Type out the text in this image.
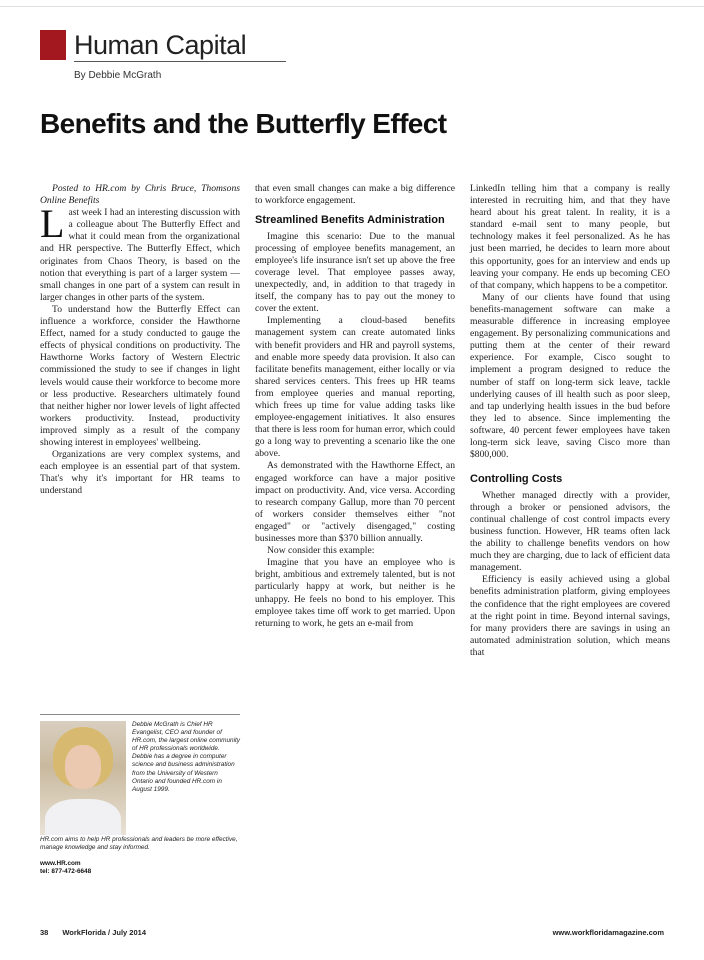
Human Capital
By Debbie McGrath
Benefits and the Butterfly Effect

Posted to HR.com by Chris Bruce, Thomsons Online Benefits

Last week I had an interesting discussion with a colleague about The Butterfly Effect and what it could mean from the organizational and HR perspective. The Butterfly Effect, which originates from Chaos Theory, is based on the notion that everything is part of a larger system — small changes in one part of a system can result in larger changes in other parts of the system.

To understand how the Butterfly Effect can influence a workforce, consider the Hawthorne Effect, named for a study conducted to gauge the effects of physical conditions on productivity. The Hawthorne Works factory of Western Electric commissioned the study to see if changes in light levels would cause their workforce to become more or less productive. Researchers ultimately found that neither higher nor lower levels of light affected workers productivity. Instead, productivity improved simply as a result of the company showing interest in employees' wellbeing.

Organizations are very complex systems, and each employee is an essential part of that system. That's why it's important for HR teams to understand

Debbie McGrath is Chief HR Evangelist, CEO and founder of HR.com, the largest online community of HR professionals worldwide. Debbie has a degree in computer science and business administration from the University of Western Ontario and founded HR.com in August 1999.
HR.com aims to help HR professionals and leaders be more effective, manage knowledge and stay informed.
www.HR.com
tel: 877-472-6648

that even small changes can make a big difference to workforce engagement.

Streamlined Benefits Administration

Imagine this scenario: Due to the manual processing of employee benefits management, an employee's life insurance isn't set up above the free coverage level. That employee passes away, unexpectedly, and, in addition to that tragedy in itself, the company has to pay out the money to cover the extent.

Implementing a cloud-based benefits management system can create automated links with benefit providers and HR and payroll systems, and enable more speedy data provision. It also can facilitate benefits management, either locally or via shared services centers. This frees up HR teams from employee queries and manual reporting, which frees up time for value adding tasks like employee-engagement initiatives. It also ensures that there is less room for human error, which could go a long way to preventing a scenario like the one above.

As demonstrated with the Hawthorne Effect, an engaged workforce can have a major positive impact on productivity. And, vice versa. According to research company Gallup, more than 70 percent of workers consider themselves either "not engaged" or "actively disengaged," costing businesses more than $370 billion annually.

Now consider this example:

Imagine that you have an employee who is bright, ambitious and extremely talented, but is not particularly happy at work, but neither is he unhappy. He feels no bond to his employer. This employee takes time off work to get married. Upon returning to work, he gets an e-mail from

LinkedIn telling him that a company is really interested in recruiting him, and that they have heard about his great talent. In reality, it is a standard e-mail sent to many people, but technology makes it feel personalized. As he has just been married, he decides to learn more about this opportunity, goes for an interview and ends up leaving your company. He ends up becoming CEO of that company, which happens to be a competitor.

Many of our clients have found that using benefits-management software can make a measurable difference in increasing employee engagement. By personalizing communications and putting them at the center of their reward experience. For example, Cisco sought to implement a program designed to reduce the number of staff on long-term sick leave, tackle underlying causes of ill health such as poor sleep, and tap underlying health issues in the bud before they led to absence. Since implementing the software, 40 percent fewer employees have taken long-term sick leave, saving Cisco more than $800,000.

Controlling Costs

Whether managed directly with a provider, through a broker or pensioned advisors, the continual challenge of cost control impacts every business function. However, HR teams often lack the ability to challenge benefits vendors on how much they are charging, due to lack of efficient data management.

Efficiency is easily achieved using a global benefits administration platform, giving employees the confidence that the right employees are covered at the right point in time. Beyond internal savings, for many providers there are savings in using an automated administration solution, which means that

38 WorkFlorida / July 2014	www.workfloridamagazine.com
